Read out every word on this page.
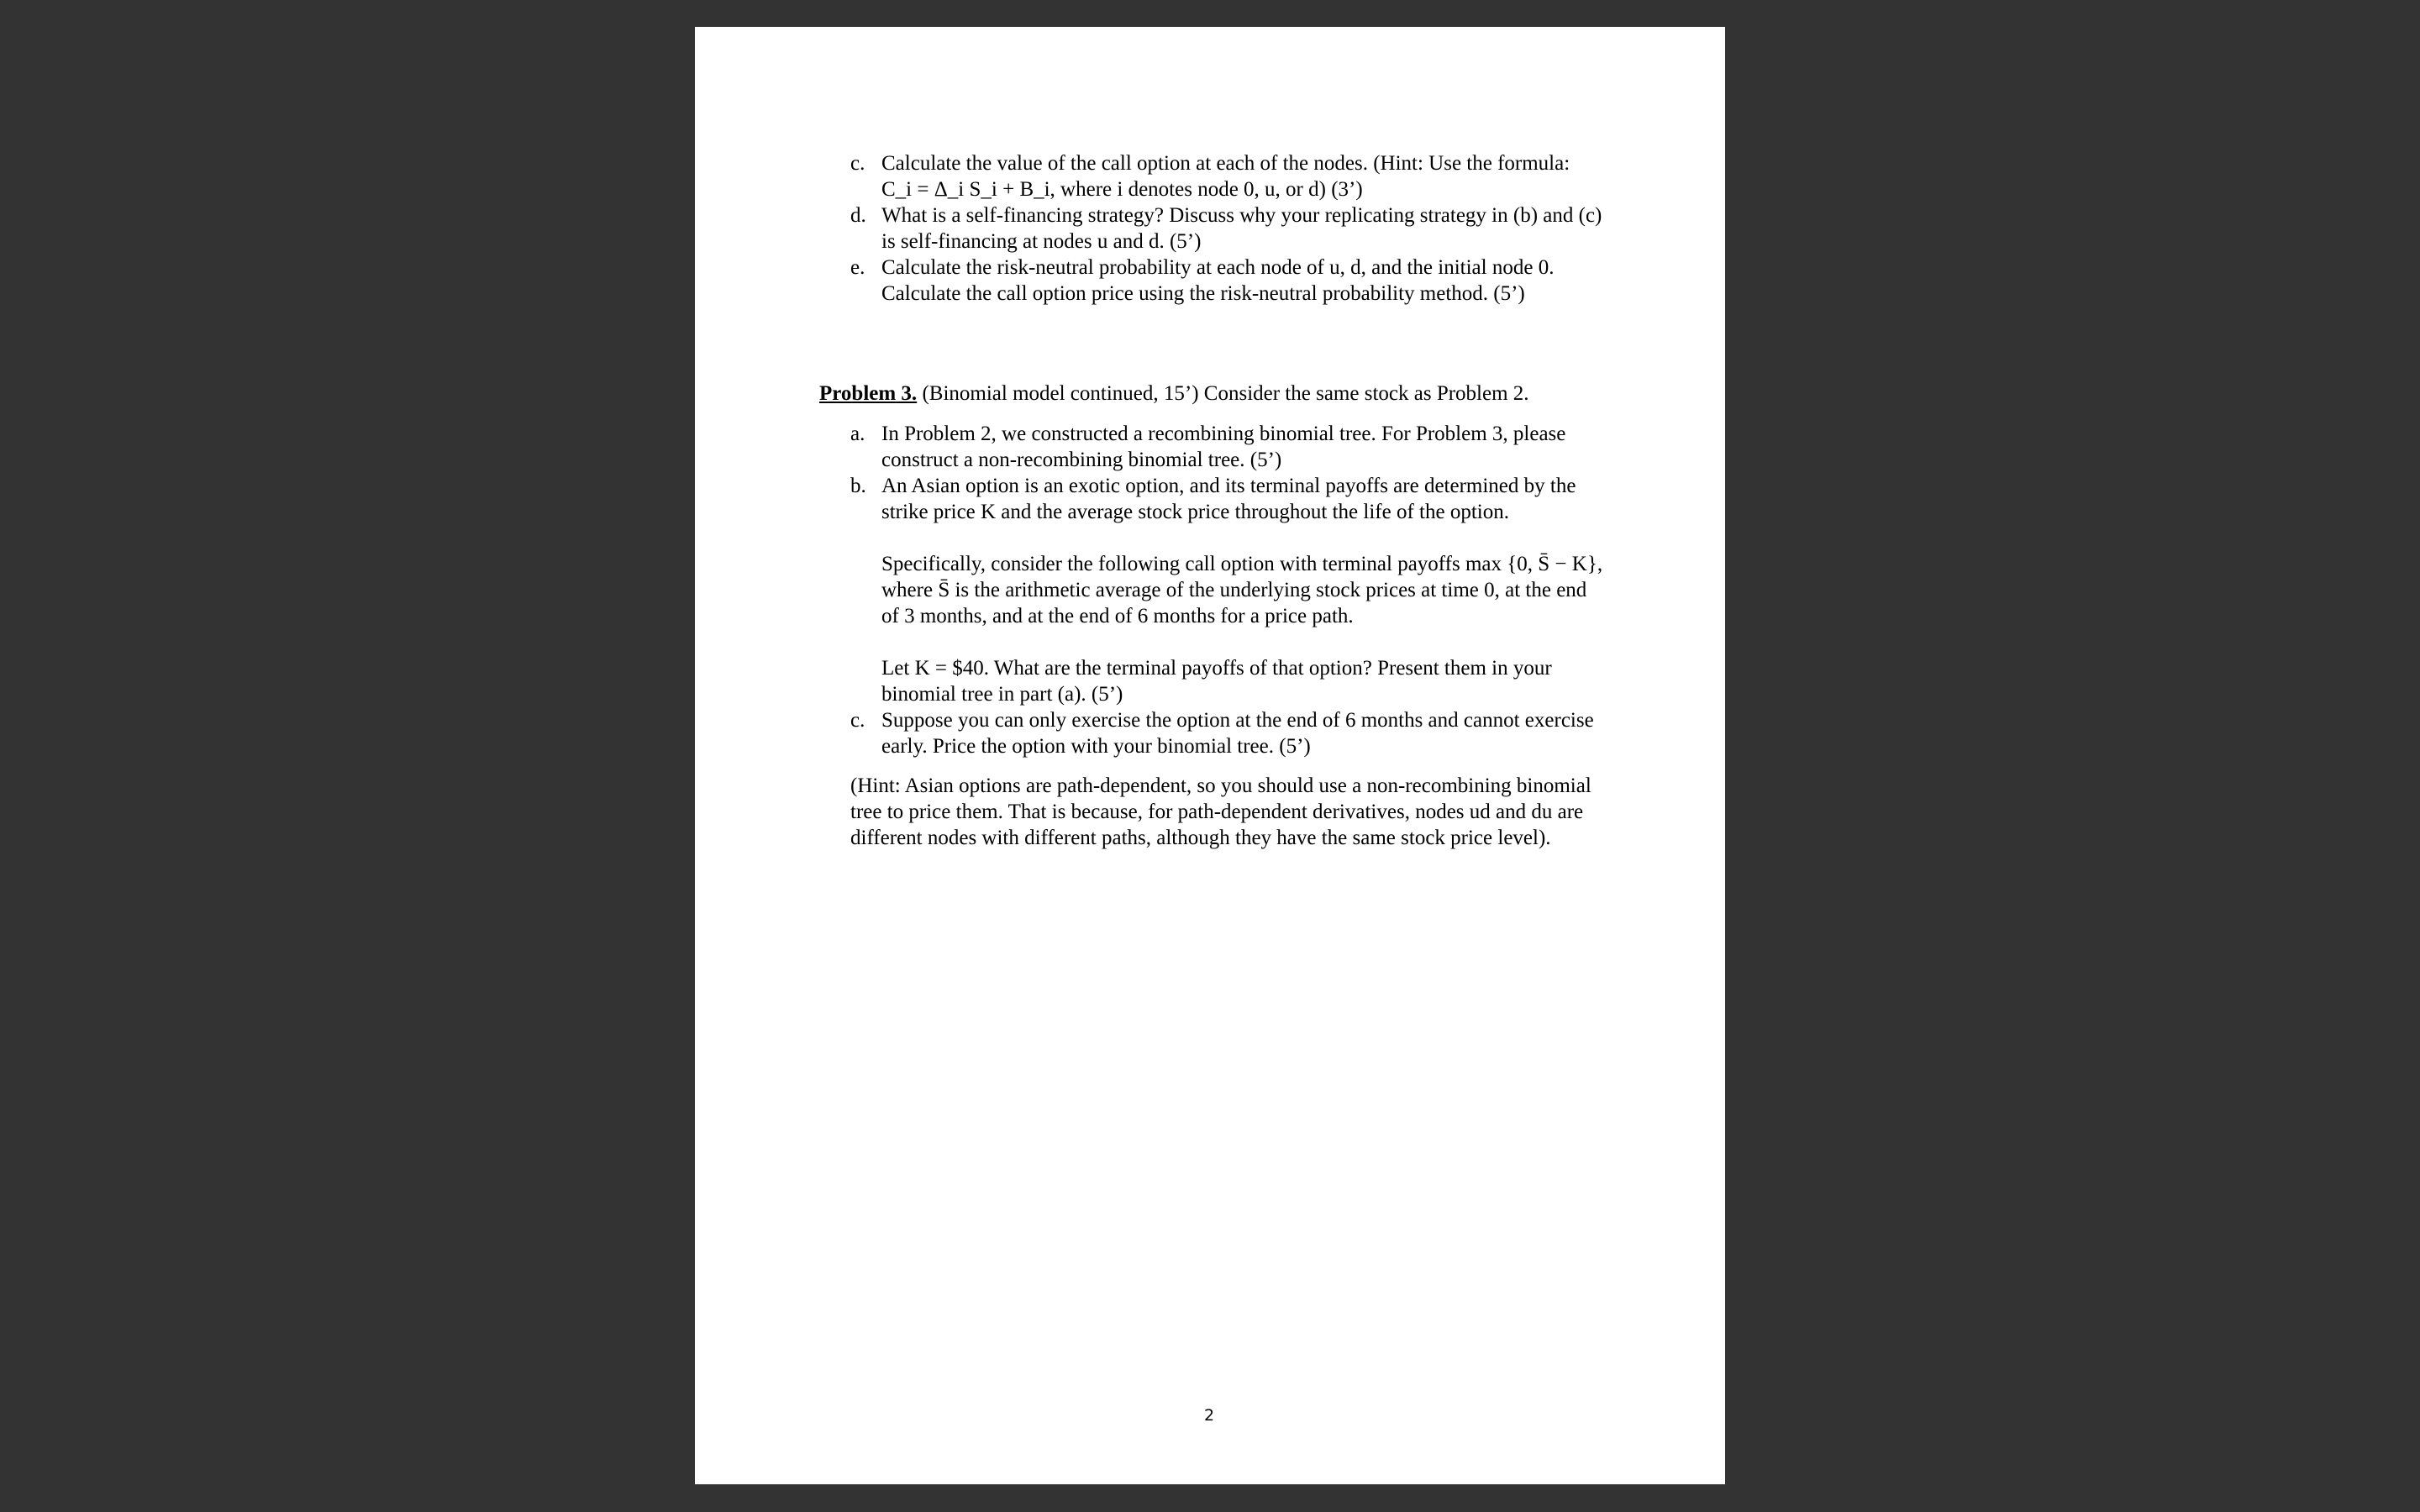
c. Calculate the value of the call option at each of the nodes. (Hint: Use the formula:
C_i = Δ_i S_i + B_i, where i denotes node 0, u, or d) (3’)
d. What is a self-financing strategy? Discuss why your replicating strategy in (b) and (c)
is self-financing at nodes u and d. (5’)
e. Calculate the risk-neutral probability at each node of u, d, and the initial node 0.
Calculate the call option price using the risk-neutral probability method. (5’)
Problem 3. (Binomial model continued, 15’) Consider the same stock as Problem 2.
a. In Problem 2, we constructed a recombining binomial tree. For Problem 3, please
construct a non-recombining binomial tree. (5’)
b. An Asian option is an exotic option, and its terminal payoffs are determined by the
strike price K and the average stock price throughout the life of the option.
Specifically, consider the following call option with terminal payoffs max {0, S̄ − K},
where S̄ is the arithmetic average of the underlying stock prices at time 0, at the end
of 3 months, and at the end of 6 months for a price path.
Let K = $40. What are the terminal payoffs of that option? Present them in your
binomial tree in part (a). (5’)
c. Suppose you can only exercise the option at the end of 6 months and cannot exercise
early. Price the option with your binomial tree. (5’)
(Hint: Asian options are path-dependent, so you should use a non-recombining binomial
tree to price them. That is because, for path-dependent derivatives, nodes ud and du are
different nodes with different paths, although they have the same stock price level).
2
